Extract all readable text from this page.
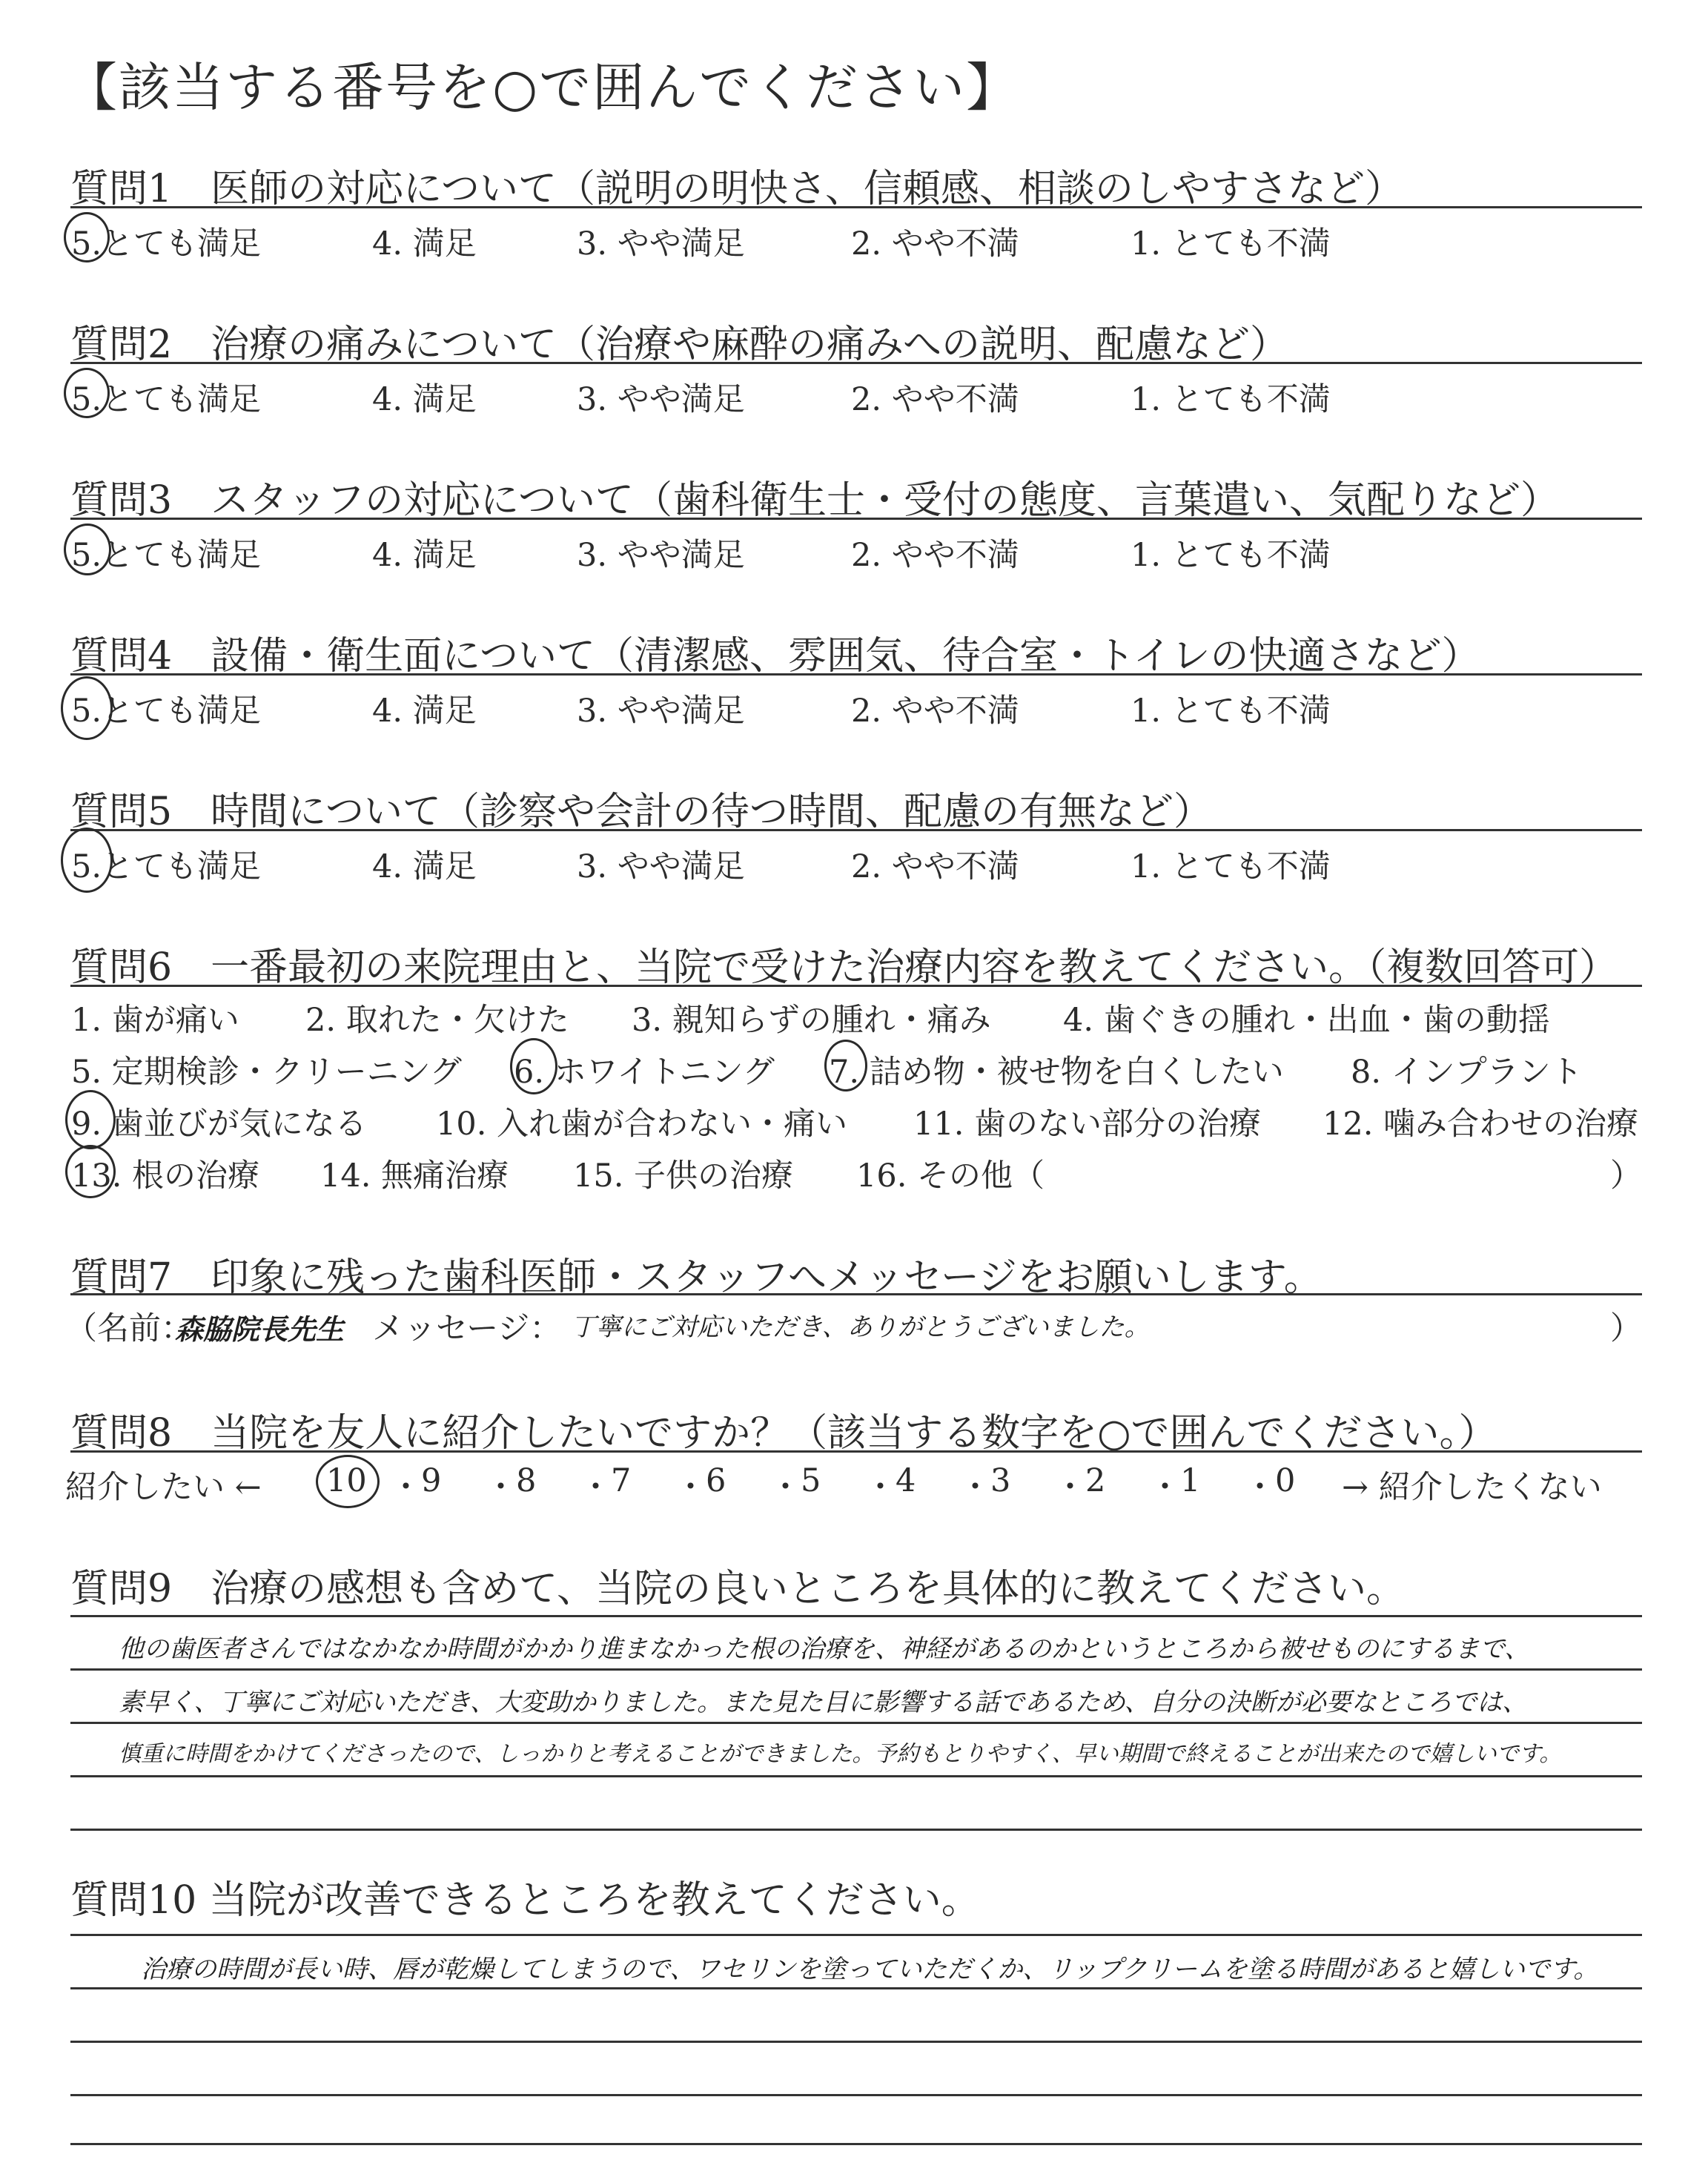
【該当する番号を○で囲んでください】
質問1　医師の対応について（説明の明快さ、信頼感、相談のしやすさなど）
5.とても満足	4. 満足	3. やや満足	2. やや不満	1. とても不満
質問2　治療の痛みについて（治療や麻酔の痛みへの説明、配慮など）
5.とても満足	4. 満足	3. やや満足	2. やや不満	1. とても不満
質問3　スタッフの対応について（歯科衛生士・受付の態度、言葉遣い、気配りなど）
5.とても満足	4. 満足	3. やや満足	2. やや不満	1. とても不満
質問4　設備・衛生面について（清潔感、雰囲気、待合室・トイレの快適さなど）
5.とても満足	4. 満足	3. やや満足	2. やや不満	1. とても不満
質問5　時間について（診察や会計の待つ時間、配慮の有無など）
5.とても満足	4. 満足	3. やや満足	2. やや不満	1. とても不満
質問6　一番最初の来院理由と、当院で受けた治療内容を教えてください。（複数回答可）
1. 歯が痛い 2. 取れた・欠けた 3. 親知らずの腫れ・痛み 4. 歯ぐきの腫れ・出血・歯の動揺
5. 定期検診・クリーニング 6. ホワイトニング 7. 詰め物・被せ物を白くしたい 8. インプラント
9. 歯並びが気になる 10. 入れ歯が合わない・痛い 11. 歯のない部分の治療 12. 噛み合わせの治療
13. 根の治療 14. 無痛治療 15. 子供の治療 16. その他（	）
質問7　印象に残った歯科医師・スタッフへメッセージをお願いします。
（名前：
森脇院長先生 メッセージ： 丁寧にご対応いただき、ありがとうございました。	）
質問8　当院を友人に紹介したいですか？（該当する数字を○で囲んでください。）
紹介したい ← 10 ・ 9 ・ 8 ・ 7 ・ 6 ・ 5 ・ 4 ・ 3 ・ 2 ・ 1 ・ 0 → 紹介したくない
質問9　治療の感想も含めて、当院の良いところを具体的に教えてください。
他の歯医者さんではなかなか時間がかかり進まなかった根の治療を、神経があるのかというところから被せものにするまで、
素早く、丁寧にご対応いただき、大変助かりました。また見た目に影響する話であるため、自分の決断が必要なところでは、
慎重に時間をかけてくださったので、しっかりと考えることができました。予約もとりやすく、早い期間で終えることが出来たので嬉しいです。
質問10 当院が改善できるところを教えてください。
治療の時間が長い時、唇が乾燥してしまうので、ワセリンを塗っていただくか、リップクリームを塗る時間があると嬉しいです。
